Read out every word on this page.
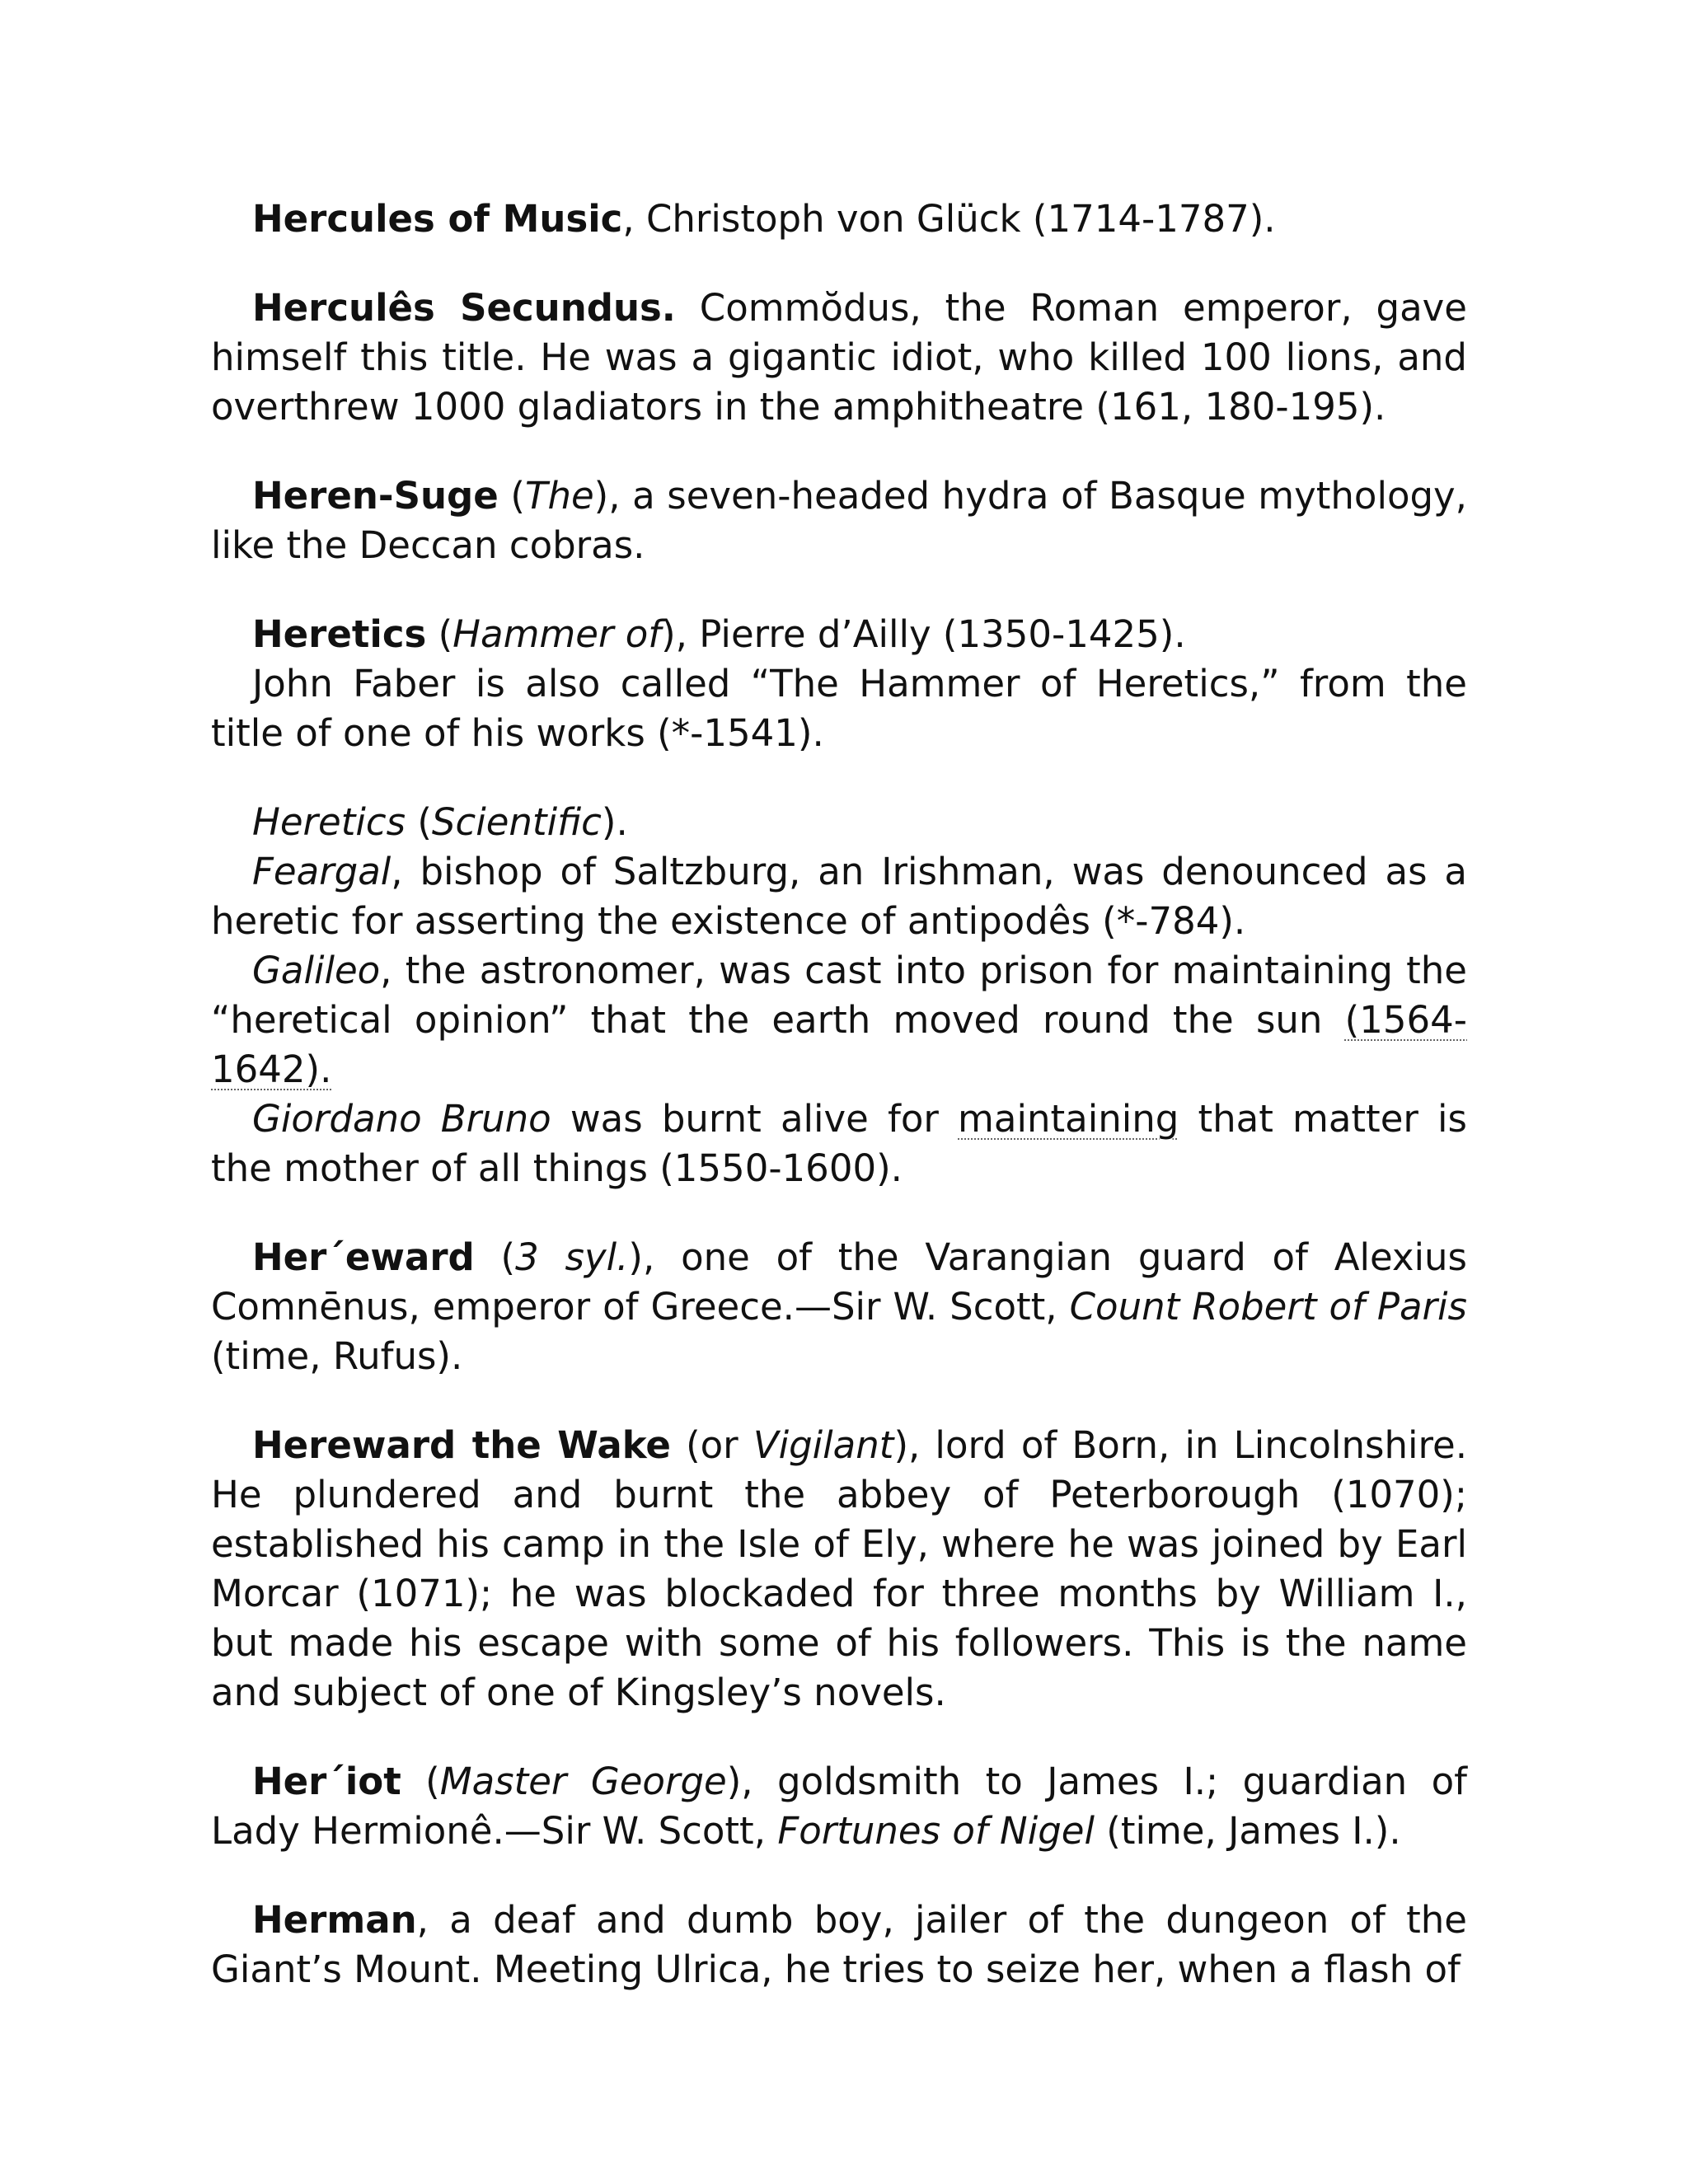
Hercules of Music, Christoph von Glück (1714-1787).

Herculês Secundus. Commŏdus, the Roman emperor, gave himself this title. He was a gigantic idiot, who killed 100 lions, and overthrew 1000 gladiators in the amphitheatre (161, 180-195).

Heren-Suge (The), a seven-headed hydra of Basque mythology, like the Deccan cobras.

Heretics (Hammer of), Pierre d’Ailly (1350-1425).

John Faber is also called “The Hammer of Heretics,” from the title of one of his works (*-1541).

Heretics (Scientific).

Feargal, bishop of Saltzburg, an Irishman, was denounced as a heretic for asserting the existence of antipodês (*-784).

Galileo, the astronomer, was cast into prison for maintaining the “heretical opinion” that the earth moved round the sun (1564-1642).

Giordano Bruno was burnt alive for maintaining that matter is the mother of all things (1550-1600).

Her´eward (3 syl.), one of the Varangian guard of Alexius Comnēnus, emperor of Greece.—Sir W. Scott, Count Robert of Paris (time, Rufus).

Hereward the Wake (or Vigilant), lord of Born, in Lincolnshire. He plundered and burnt the abbey of Peterborough (1070); established his camp in the Isle of Ely, where he was joined by Earl Morcar (1071); he was blockaded for three months by William I., but made his escape with some of his followers. This is the name and subject of one of Kingsley’s novels.

Her´iot (Master George), goldsmith to James I.; guardian of Lady Hermionê.—Sir W. Scott, Fortunes of Nigel (time, James I.).

Herman, a deaf and dumb boy, jailer of the dungeon of the Giant’s Mount. Meeting Ulrica, he tries to seize her, when a flash of
